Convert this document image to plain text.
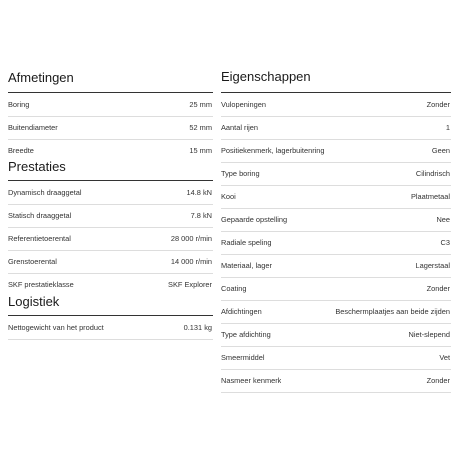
Afmetingen
Boring	25 mm
Buitendiameter	52 mm
Breedte	15 mm
Prestaties
Dynamisch draaggetal	14.8 kN
Statisch draaggetal	7.8 kN
Referentietoerental	28 000 r/min
Grenstoerental	14 000 r/min
SKF prestatieklasse	SKF Explorer
Logistiek
Nettogewicht van het product	0.131 kg
Eigenschappen
Vulopeningen	Zonder
Aantal rijen	1
Positiekenmerk, lagerbuitenring	Geen
Type boring	Cilindrisch
Kooi	Plaatmetaal
Gepaarde opstelling	Nee
Radiale speling	C3
Materiaal, lager	Lagerstaal
Coating	Zonder
Afdichtingen	Beschermplaatjes aan beide zijden
Type afdichting	Niet-slepend
Smeermiddel	Vet
Nasmeer kenmerk	Zonder
